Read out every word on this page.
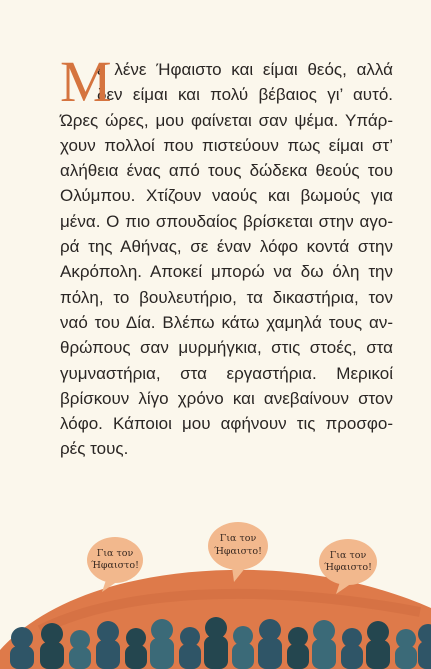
Μ
ε λένε Ήφαιστο και είμαι θεός, αλλά
δεν είμαι και πολύ βέβαιος γι’ αυτό.
Ώρες ώρες, μου φαίνεται σαν ψέμα. Υπάρ-
χουν πολλοί που πιστεύουν πως είμαι στ’
αλήθεια ένας από τους δώδεκα θεούς του
Ολύμπου. Χτίζουν ναούς και βωμούς για
μένα. Ο πιο σπουδαίος βρίσκεται στην αγο-
ρά της Αθήνας, σε έναν λόφο κοντά στην
Ακρόπολη. Αποκεί μπορώ να δω όλη την
πόλη, το βουλευτήριο, τα δικαστήρια, τον
ναό του Δία. Βλέπω κάτω χαμηλά τους αν-
θρώπους σαν μυρμήγκια, στις στοές, στα
γυμναστήρια, στα εργαστήρια. Μερικοί
βρίσκουν λίγο χρόνο και ανεβαίνουν στον
λόφο. Κάποιοι μου αφήνουν τις προσφο-
ρές τους.
Για τον
Ήφαιστο!
Για τον
Ήφαιστο!	Για τον
Ήφαιστο!
